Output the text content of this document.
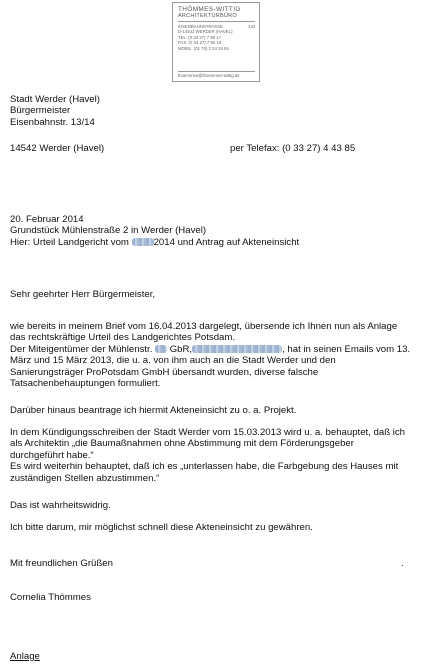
THÖMMES-WITTIG
ARCHITEKTURBÜRO
EISENBAHNSTRASSE	133
D-14542 WERDER (HAVEL)
TEL: (0 33 27) 7 90 17
FAX: (0 33 27) 7 90 19
MOBIL: (01 70) 2 24 34 84
thoemmes@thoemmes-wittig.de
Stadt Werder (Havel)
Bürgermeister
Eisenbahnstr. 13/14
14542 Werder (Havel)	per Telefax: (0 33 27) 4 43 85
20. Februar 2014
Grundstück Mühlenstraße 2 in Werder (Havel)
Hier: Urteil Landgericht vom 2014 und Antrag auf Akteneinsicht
Sehr geehrter Herr Bürgermeister,
wie bereits in meinem Brief vom 16.04.2013 dargelegt, übersende ich Ihnen nun als Anlage
das rechtskräftige Urteil des Landgerichtes Potsdam.
Der Miteigentümer der Mühlenstr.  GbR,	, hat in seinen Emails vom 13.
März und 15 März 2013, die u. a. von ihm auch an die Stadt Werder und den
Sanierungsträger ProPotsdam GmbH übersandt wurden, diverse falsche
Tatsachenbehauptungen formuliert.
Darüber hinaus beantrage ich hiermit Akteneinsicht zu o. a. Projekt.
In dem Kündigungsschreiben der Stadt Werder vom 15.03.2013 wird u. a. behauptet, daß ich
als Architektin „die Baumaßnahmen ohne Abstimmung mit dem Förderungsgeber
durchgeführt habe.“
Es wird weiterhin behauptet, daß ich es „unterlassen habe, die Farbgebung des Hauses mit
zuständigen Stellen abzustimmen.“
Das ist wahrheitswidrig.
Ich bitte darum, mir möglichst schnell diese Akteneinsicht zu gewähren.
Mit freundlichen Grüßen	.
Cornelia Thömmes
Anlage
